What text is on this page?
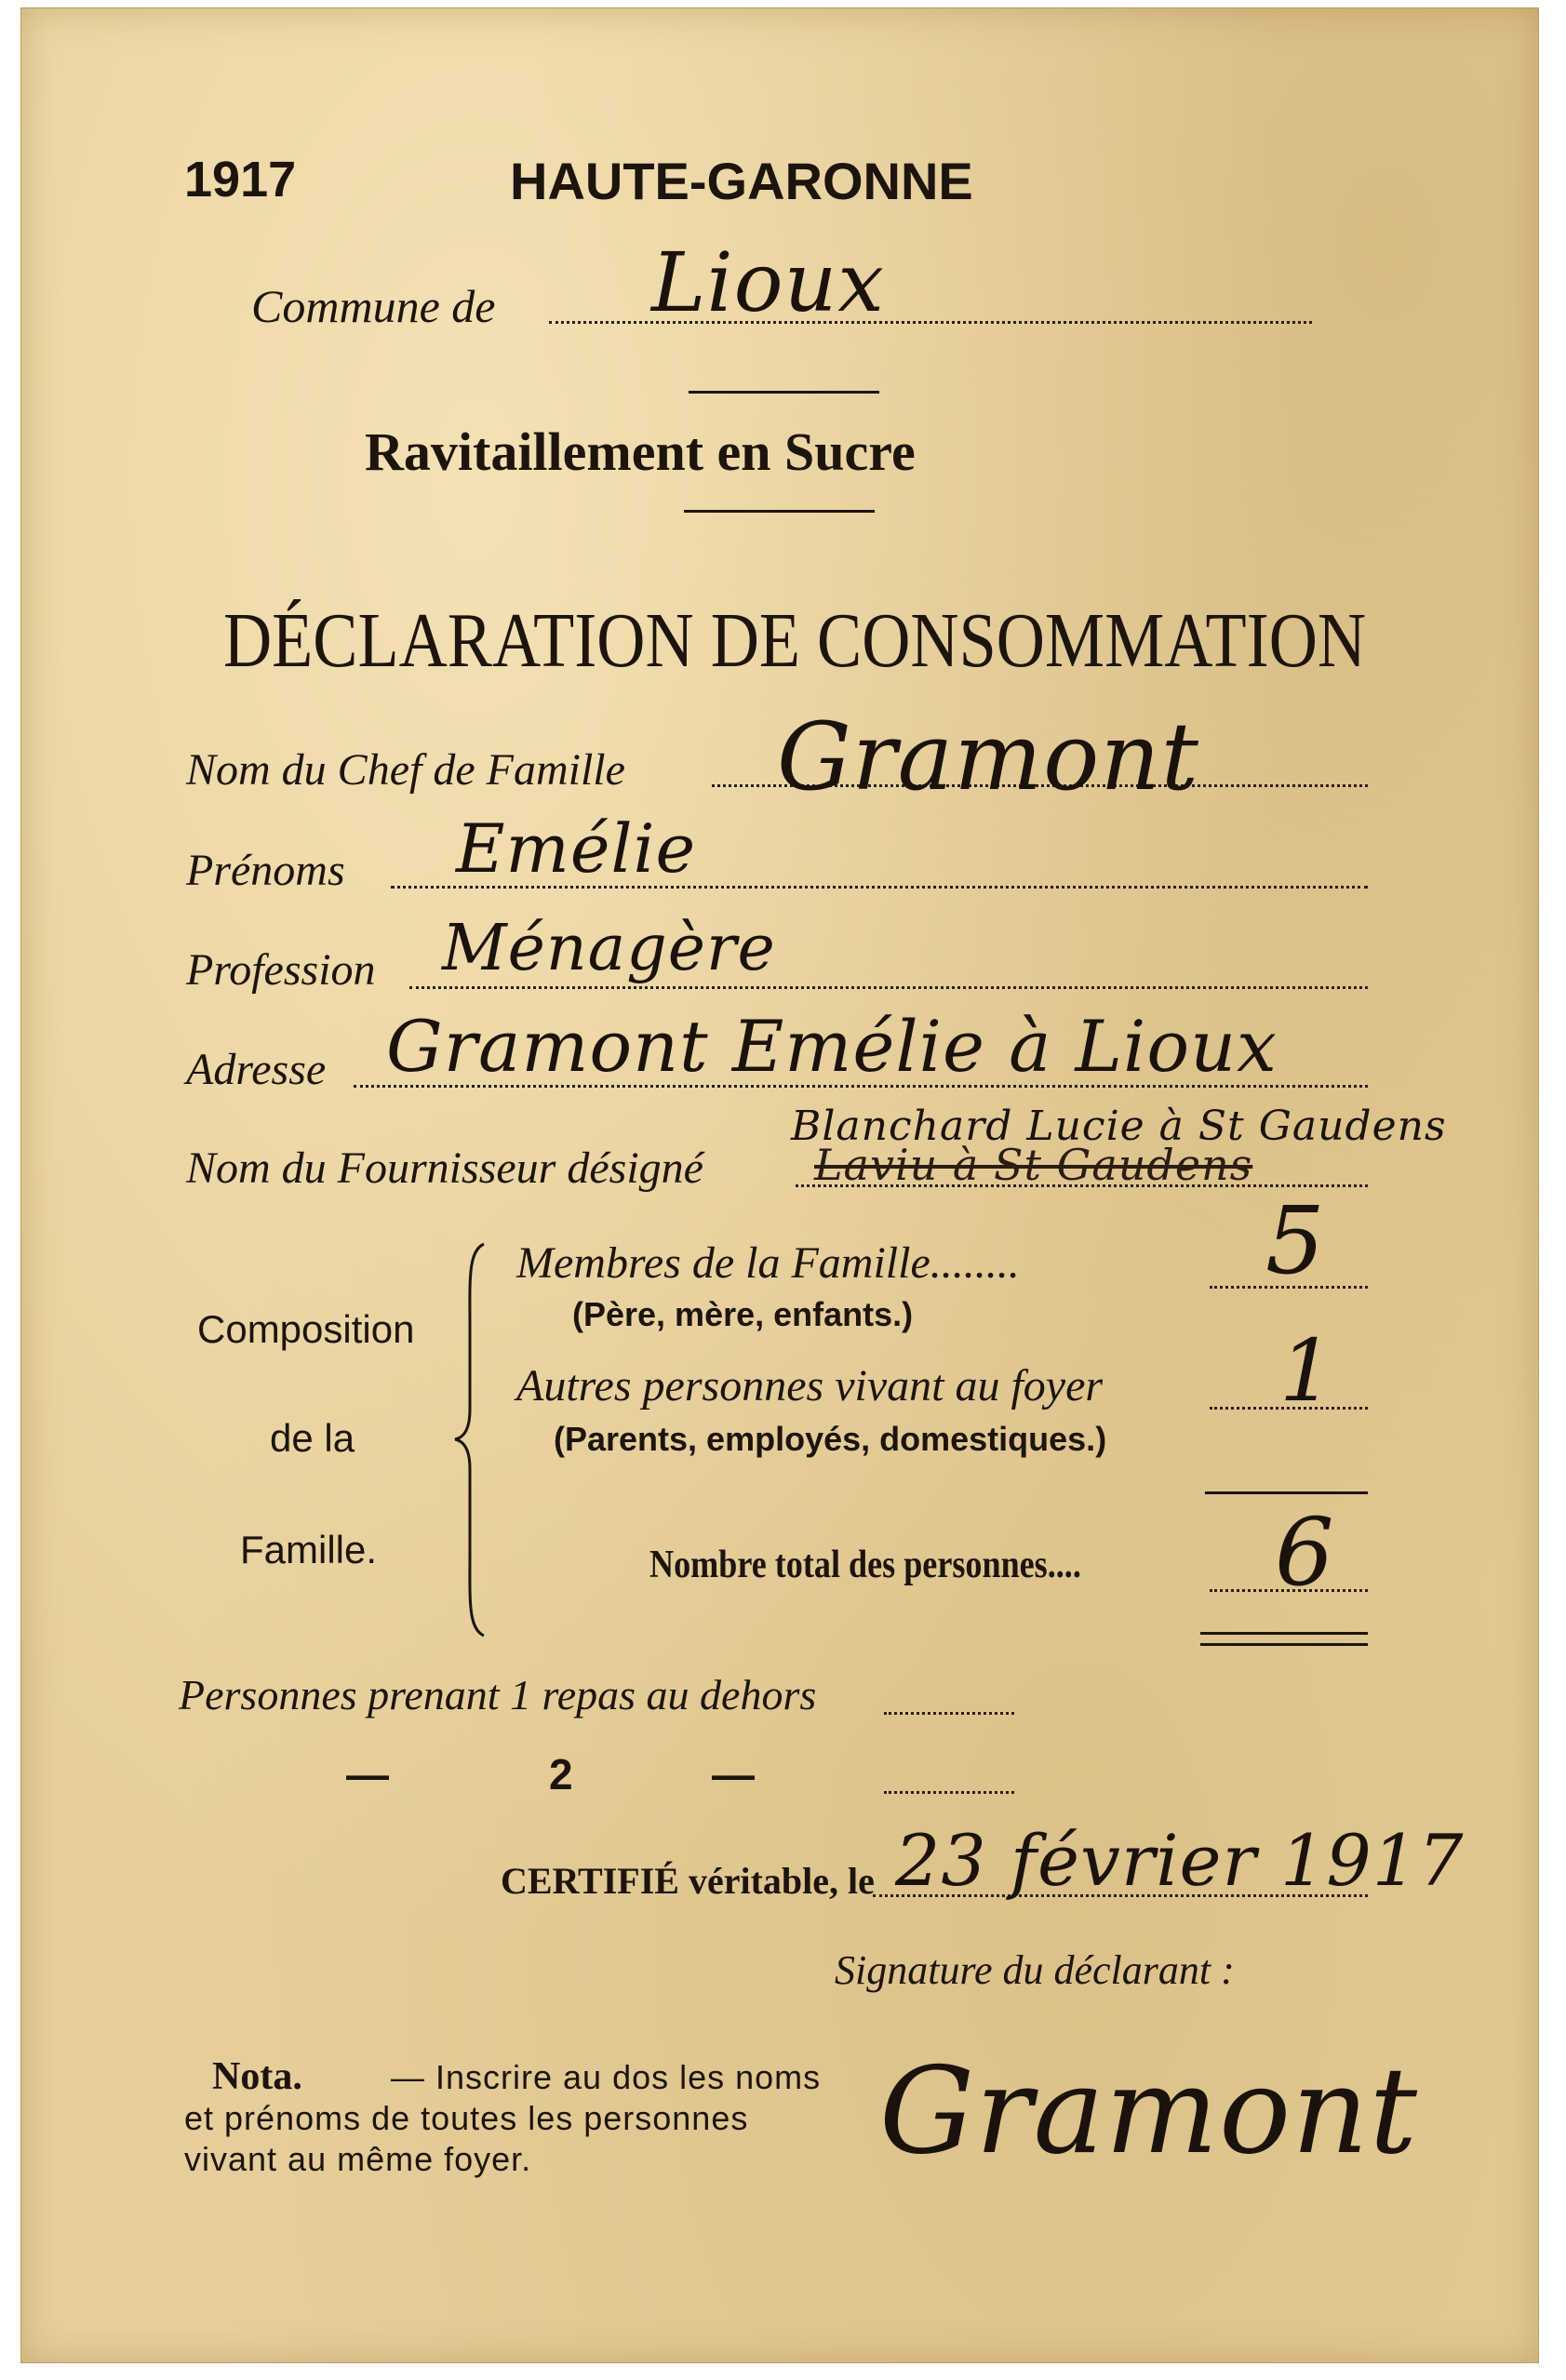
1917	HAUTE-GARONNE
Commune de Lioux
Ravitaillement en Sucre
DÉCLARATION DE CONSOMMATION
Nom du Chef de Famille Gramont
Prénoms Emélie
Profession Ménagère
Adresse Gramont Emélie à Lioux
Nom du Fournisseur désigné	Laviu à St Gaudens
Blanchard Lucie à St Gaudens
Composition
de la
Famille.
Membres de la Famille........
(Père, mère, enfants.)
5
Autres personnes vivant au foyer
(Parents, employés, domestiques.)
1
Nombre total des personnes.... 6
Personnes prenant 1 repas au dehors
—	2	—
CERTIFIÉ véritable, le 23 février 1917
Signature du déclarant :
Nota.	— Inscrire au dos les noms
et prénoms de toutes les personnes
vivant au même foyer.	Gramont
